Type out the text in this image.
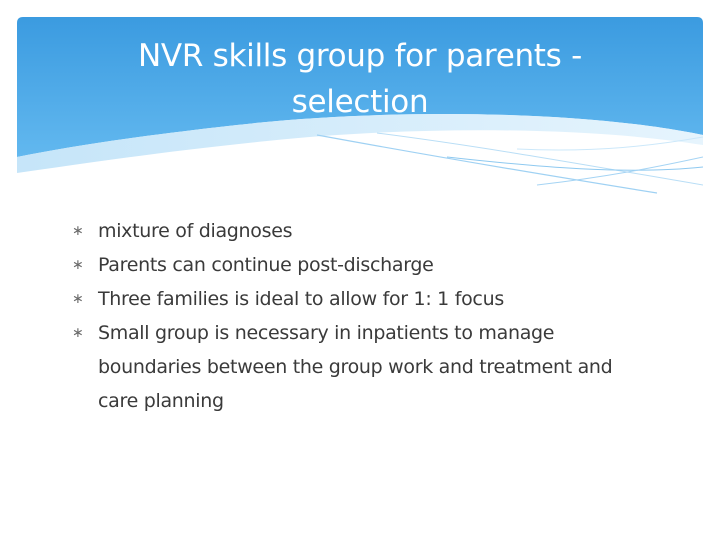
NVR skills group for parents -
selection
∗ mixture of diagnoses
∗ Parents can continue post-discharge
∗ Three families is ideal to allow for 1: 1 focus
∗ Small group is necessary in inpatients to manage boundaries between the group work and treatment and care planning
